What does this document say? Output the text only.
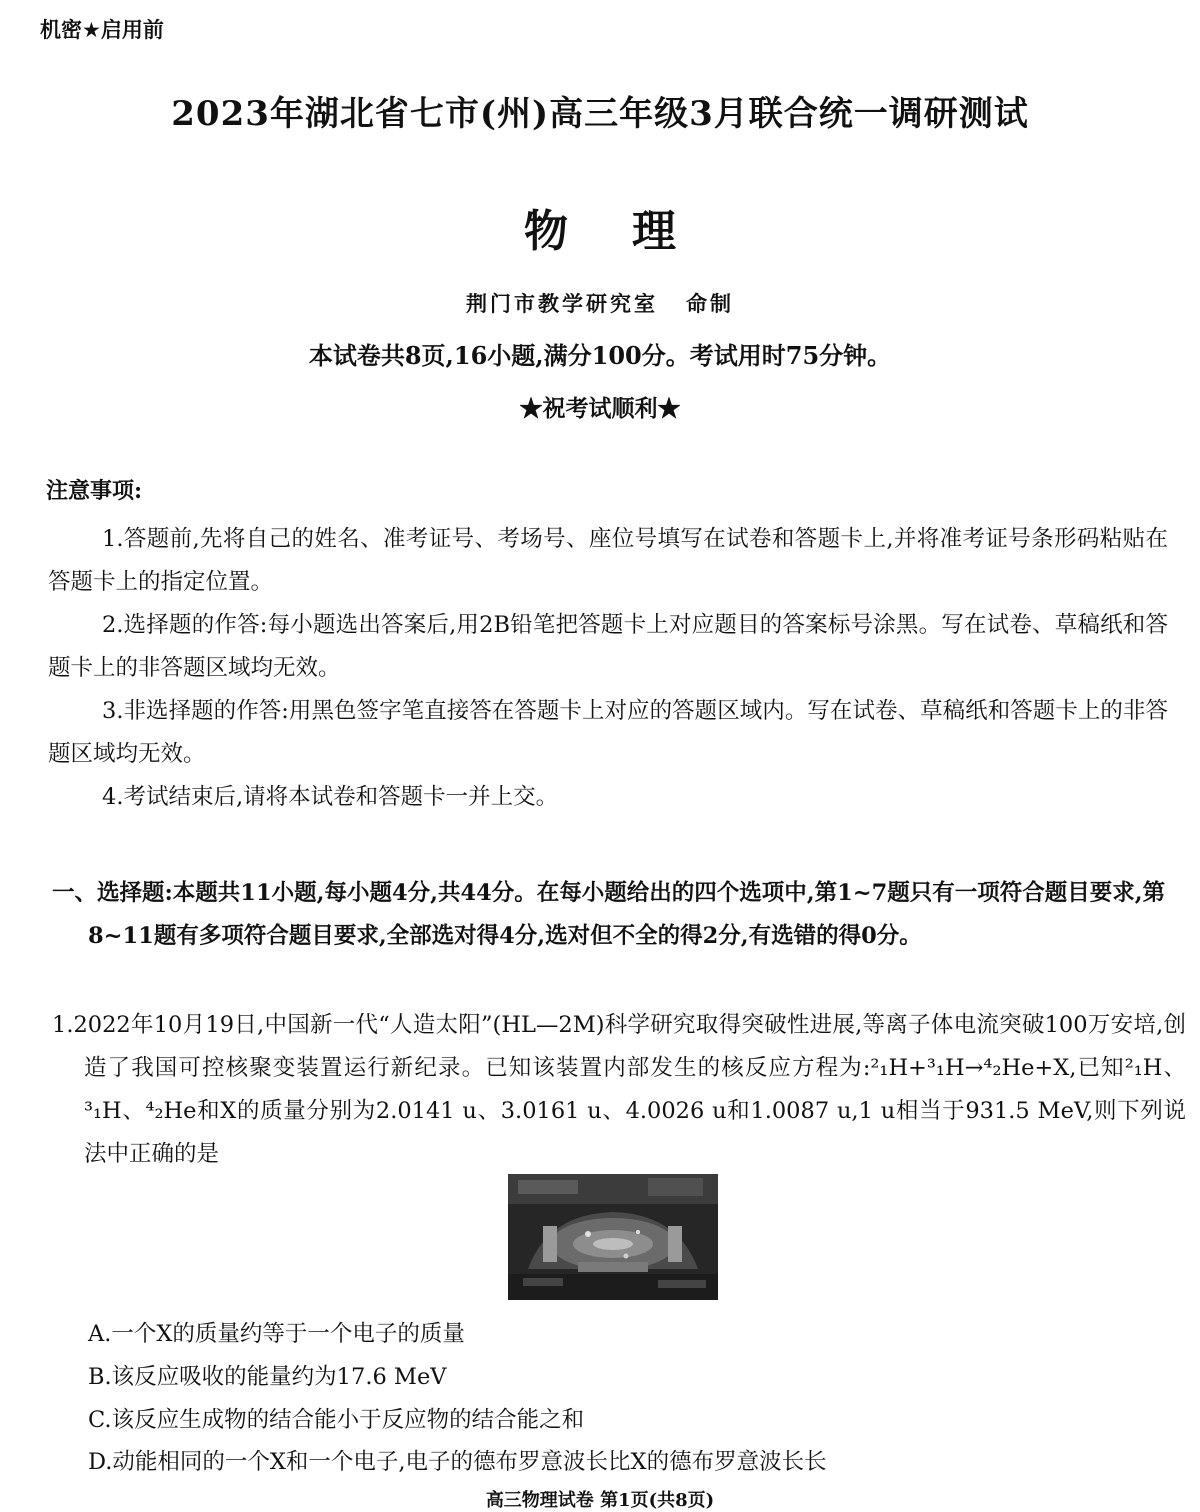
机密★启用前
2023年湖北省七市(州)高三年级3月联合统一调研测试
物 理
荆门市教学研究室 命制
本试卷共8页,16小题,满分100分。考试用时75分钟。
★祝考试顺利★
注意事项:

1.答题前,先将自己的姓名、准考证号、考场号、座位号填写在试卷和答题卡上,并将准考证号条形码粘贴在答题卡上的指定位置。

2.选择题的作答:每小题选出答案后,用2B铅笔把答题卡上对应题目的答案标号涂黑。写在试卷、草稿纸和答题卡上的非答题区域均无效。

3.非选择题的作答:用黑色签字笔直接答在答题卡上对应的答题区域内。写在试卷、草稿纸和答题卡上的非答题区域均无效。

4.考试结束后,请将本试卷和答题卡一并上交。

一、选择题:本题共11小题,每小题4分,共44分。在每小题给出的四个选项中,第1~7题只有一项符合题目要求,第8~11题有多项符合题目要求,全部选对得4分,选对但不全的得2分,有选错的得0分。

1.2022年10月19日,中国新一代“人造太阳”(HL—2M)科学研究取得突破性进展,等离子体电流突破100万安培,创造了我国可控核聚变装置运行新纪录。已知该装置内部发生的核反应方程为:²₁H+³₁H→⁴₂He+X,已知²₁H、³₁H、⁴₂He和X的质量分别为2.0141 u、3.0161 u、4.0026 u和1.0087 u,1 u相当于931.5 MeV,则下列说法中正确的是

A.一个X的质量约等于一个电子的质量

B.该反应吸收的能量约为17.6 MeV

C.该反应生成物的结合能小于反应物的结合能之和

D.动能相同的一个X和一个电子,电子的德布罗意波长比X的德布罗意波长长

高三物理试卷 第1页(共8页)
